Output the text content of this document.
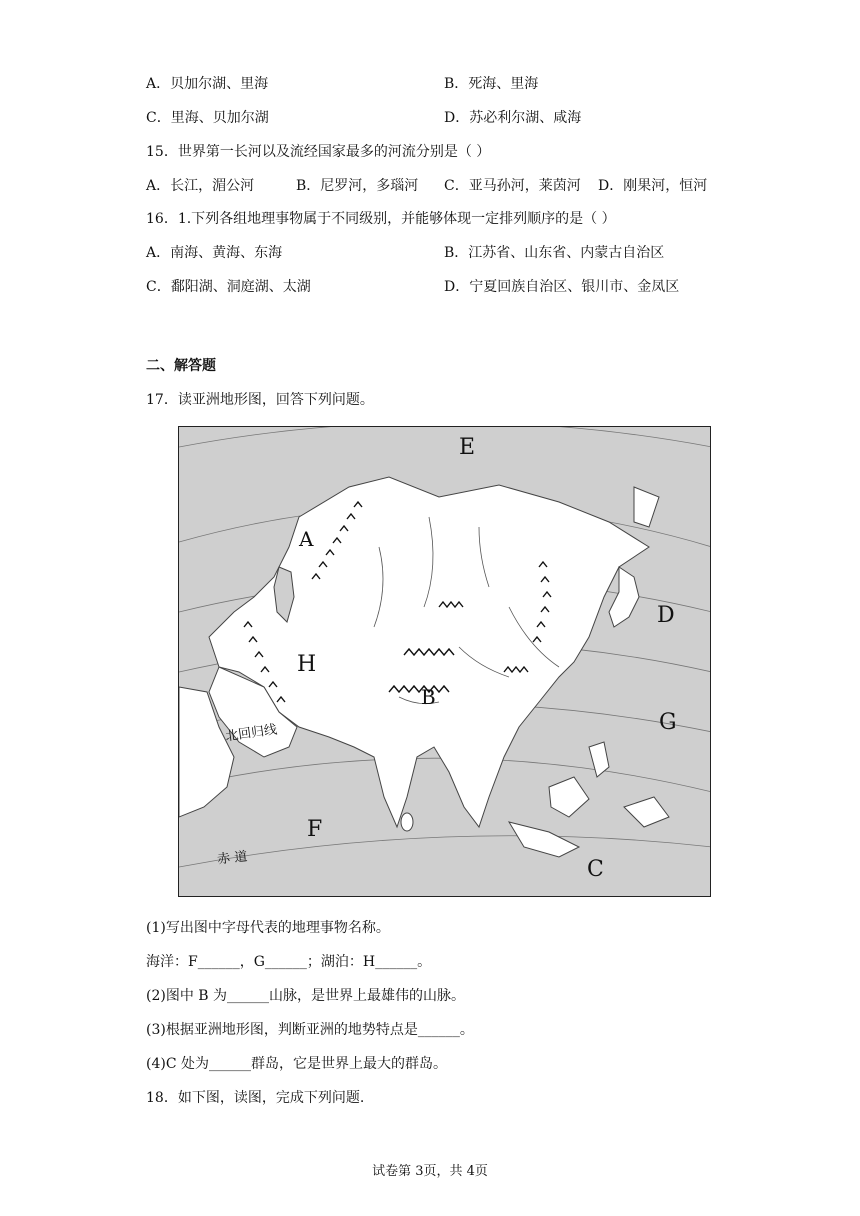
A．贝加尔湖、里海	B．死海、里海
C．里海、贝加尔湖	D．苏必利尔湖、咸海
15．世界第一长河以及流经国家最多的河流分别是（ ）
A．长江，湄公河	B．尼罗河，多瑙河 C．亚马孙河，莱茵河 D．刚果河，恒河
16．1.下列各组地理事物属于不同级别，并能够体现一定排列顺序的是（ ）
A．南海、黄海、东海	B．江苏省、山东省、内蒙古自治区
C．鄱阳湖、洞庭湖、太湖	D．宁夏回族自治区、银川市、金凤区
二、解答题
17．读亚洲地形图，回答下列问题。
E
A
D
H
B
G
F
C
北回归线
赤 道
(1)写出图中字母代表的地理事物名称。
海洋：F______，G______；湖泊：H______。
(2)图中 B 为______山脉，是世界上最雄伟的山脉。
(3)根据亚洲地形图，判断亚洲的地势特点是______。
(4)C 处为______群岛，它是世界上最大的群岛。
18．如下图，读图，完成下列问题.
试卷第 3页，共 4页
